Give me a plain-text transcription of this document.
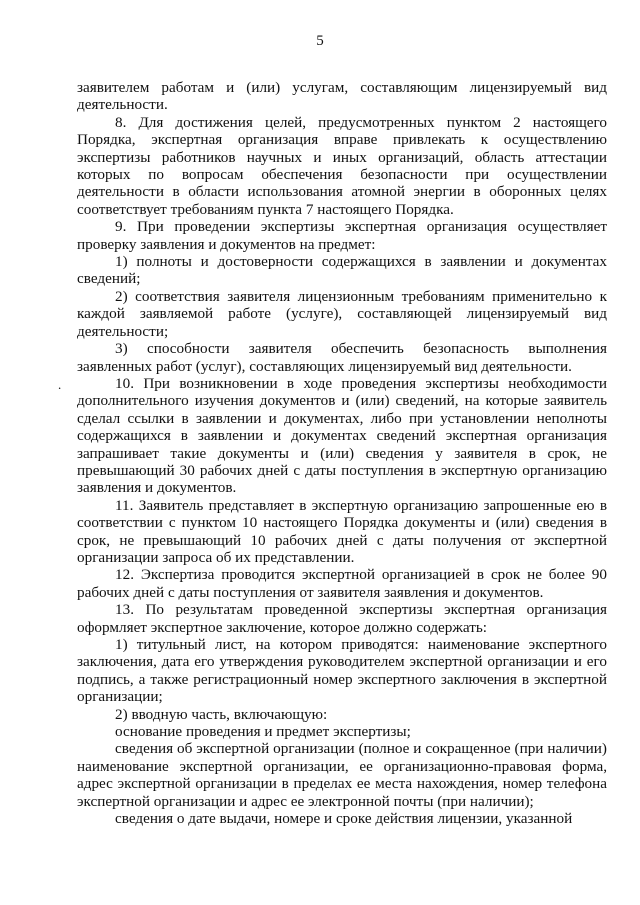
5
.

заявителем работам и (или) услугам, составляющим лицензируемый вид деятельности.

8. Для достижения целей, предусмотренных пунктом 2 настоящего Порядка, экспертная организация вправе привлекать к осуществлению экспертизы работников научных и иных организаций, область аттестации которых по вопросам обеспечения безопасности при осуществлении деятельности в области использования атомной энергии в оборонных целях соответствует требованиям пункта 7 настоящего Порядка.

9. При проведении экспертизы экспертная организация осуществляет проверку заявления и документов на предмет:

1) полноты и достоверности содержащихся в заявлении и документах сведений;

2) соответствия заявителя лицензионным требованиям применительно к каждой заявляемой работе (услуге), составляющей лицензируемый вид деятельности;

3) способности заявителя обеспечить безопасность выполнения заявленных работ (услуг), составляющих лицензируемый вид деятельности.

10. При возникновении в ходе проведения экспертизы необходимости дополнительного изучения документов и (или) сведений, на которые заявитель сделал ссылки в заявлении и документах, либо при установлении неполноты содержащихся в заявлении и документах сведений экспертная организация запрашивает такие документы и (или) сведения у заявителя в срок, не превышающий 30 рабочих дней с даты поступления в экспертную организацию заявления и документов.

11. Заявитель представляет в экспертную организацию запрошенные ею в соответствии с пунктом 10 настоящего Порядка документы и (или) сведения в срок, не превышающий 10 рабочих дней с даты получения от экспертной организации запроса об их представлении.

12. Экспертиза проводится экспертной организацией в срок не более 90 рабочих дней с даты поступления от заявителя заявления и документов.

13. По результатам проведенной экспертизы экспертная организация оформляет экспертное заключение, которое должно содержать:

1) титульный лист, на котором приводятся: наименование экспертного заключения, дата его утверждения руководителем экспертной организации и его подпись, а также регистрационный номер экспертного заключения в экспертной организации;

2) вводную часть, включающую:

основание проведения и предмет экспертизы;

сведения об экспертной организации (полное и сокращенное (при наличии) наименование экспертной организации, ее организационно-правовая форма, адрес экспертной организации в пределах ее места нахождения, номер телефона экспертной организации и адрес ее электронной почты (при наличии);

сведения о дате выдачи, номере и сроке действия лицензии, указанной
